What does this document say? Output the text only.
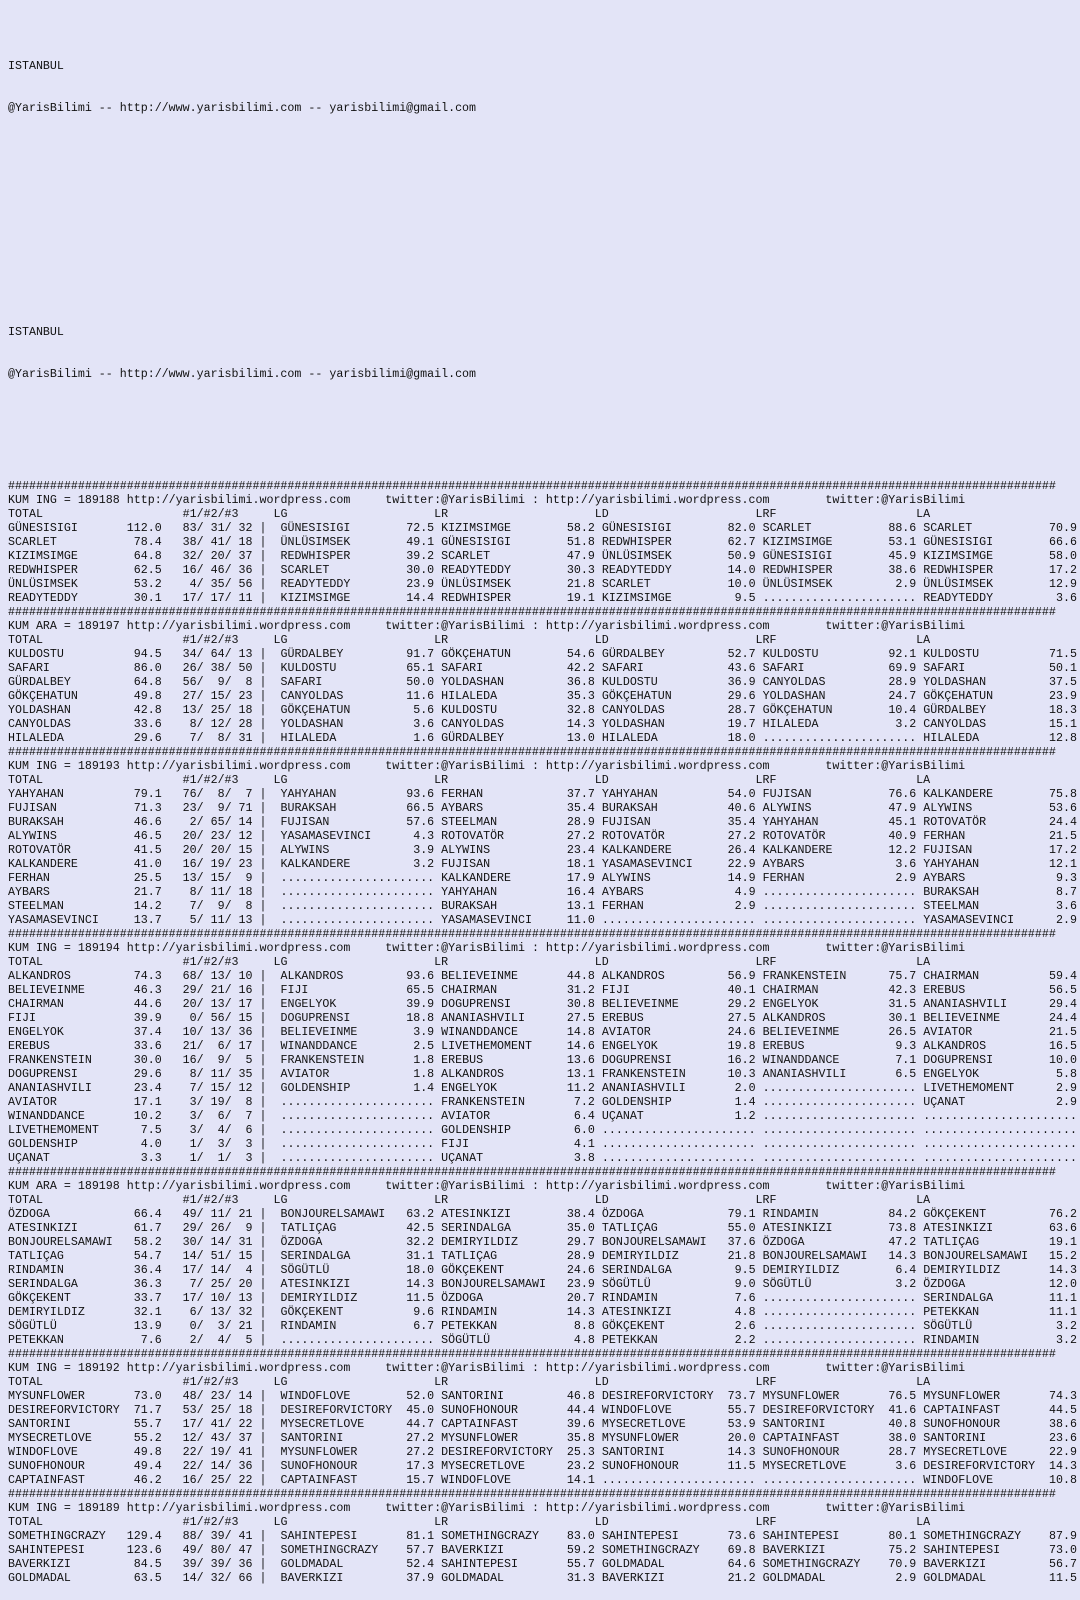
ISTANBUL

@YarisBilimi -- http://www.yarisbilimi.com -- yarisbilimi@gmail.com

ISTANBUL

@YarisBilimi -- http://www.yarisbilimi.com -- yarisbilimi@gmail.com

######################################################################################################################################################
KUM ING = 189188 http://yarisbilimi.wordpress.com	twitter:@YarisBilimi : http://yarisbilimi.wordpress.com	twitter:@YarisBilimi
TOTAL                    #1/#2/#3     LG                     LR                     LD                     LRF                    LA
GÜNESISIGI       112.0   83/ 31/ 32 |  GÜNESISIGI        72.5 KIZIMSIMGE        58.2 GÜNESISIGI        82.0 SCARLET           88.6 SCARLET           70.9
SCARLET           78.4   38/ 41/ 18 |  ÜNLÜSIMSEK        49.1 GÜNESISIGI        51.8 REDWHISPER        62.7 KIZIMSIMGE        53.1 GÜNESISIGI        66.6
KIZIMSIMGE        64.8   32/ 20/ 37 |  REDWHISPER        39.2 SCARLET           47.9 ÜNLÜSIMSEK        50.9 GÜNESISIGI        45.9 KIZIMSIMGE        58.0
REDWHISPER        62.5   16/ 46/ 36 |  SCARLET           30.0 READYTEDDY        30.3 READYTEDDY        14.0 REDWHISPER        38.6 REDWHISPER        17.2
ÜNLÜSIMSEK        53.2    4/ 35/ 56 |  READYTEDDY        23.9 ÜNLÜSIMSEK        21.8 SCARLET           10.0 ÜNLÜSIMSEK         2.9 ÜNLÜSIMSEK        12.9
READYTEDDY        30.1   17/ 17/ 11 |  KIZIMSIMGE        14.4 REDWHISPER        19.1 KIZIMSIMGE         9.5 ...................... READYTEDDY         3.6
######################################################################################################################################################
KUM ARA = 189197 http://yarisbilimi.wordpress.com	twitter:@YarisBilimi : http://yarisbilimi.wordpress.com	twitter:@YarisBilimi
TOTAL                    #1/#2/#3     LG                     LR                     LD                     LRF                    LA
KULDOSTU          94.5   34/ 64/ 13 |  GÜRDALBEY         91.7 GÖKÇEHATUN        54.6 GÜRDALBEY         52.7 KULDOSTU          92.1 KULDOSTU          71.5
SAFARI            86.0   26/ 38/ 50 |  KULDOSTU          65.1 SAFARI            42.2 SAFARI            43.6 SAFARI            69.9 SAFARI            50.1
GÜRDALBEY         64.8   56/  9/  8 |  SAFARI            50.0 YOLDASHAN         36.8 KULDOSTU          36.9 CANYOLDAS         28.9 YOLDASHAN         37.5
GÖKÇEHATUN        49.8   27/ 15/ 23 |  CANYOLDAS         11.6 HILALEDA          35.3 GÖKÇEHATUN        29.6 YOLDASHAN         24.7 GÖKÇEHATUN        23.9
YOLDASHAN         42.8   13/ 25/ 18 |  GÖKÇEHATUN         5.6 KULDOSTU          32.8 CANYOLDAS         28.7 GÖKÇEHATUN        10.4 GÜRDALBEY         18.3
CANYOLDAS         33.6    8/ 12/ 28 |  YOLDASHAN          3.6 CANYOLDAS         14.3 YOLDASHAN         19.7 HILALEDA           3.2 CANYOLDAS         15.1
HILALEDA          29.6    7/  8/ 31 |  HILALEDA           1.6 GÜRDALBEY         13.0 HILALEDA          18.0 ...................... HILALEDA          12.8
######################################################################################################################################################
KUM ING = 189193 http://yarisbilimi.wordpress.com	twitter:@YarisBilimi : http://yarisbilimi.wordpress.com	twitter:@YarisBilimi
TOTAL                    #1/#2/#3     LG                     LR                     LD                     LRF                    LA
YAHYAHAN          79.1   76/  8/  7 |  YAHYAHAN          93.6 FERHAN            37.7 YAHYAHAN          54.0 FUJISAN           76.6 KALKANDERE        75.8
FUJISAN           71.3   23/  9/ 71 |  BURAKSAH          66.5 AYBARS            35.4 BURAKSAH          40.6 ALYWINS           47.9 ALYWINS           53.6
BURAKSAH          46.6    2/ 65/ 14 |  FUJISAN           57.6 STEELMAN          28.9 FUJISAN           35.4 YAHYAHAN          45.1 ROTOVATÖR         24.4
ALYWINS           46.5   20/ 23/ 12 |  YASAMASEVINCI      4.3 ROTOVATÖR         27.2 ROTOVATÖR         27.2 ROTOVATÖR         40.9 FERHAN            21.5
ROTOVATÖR         41.5   20/ 20/ 15 |  ALYWINS            3.9 ALYWINS           23.4 KALKANDERE        26.4 KALKANDERE        12.2 FUJISAN           17.2
KALKANDERE        41.0   16/ 19/ 23 |  KALKANDERE         3.2 FUJISAN           18.1 YASAMASEVINCI     22.9 AYBARS             3.6 YAHYAHAN          12.1
FERHAN            25.5   13/ 15/  9 |  ...................... KALKANDERE        17.9 ALYWINS           14.9 FERHAN             2.9 AYBARS             9.3
AYBARS            21.7    8/ 11/ 18 |  ...................... YAHYAHAN          16.4 AYBARS             4.9 ...................... BURAKSAH           8.7
STEELMAN          14.2    7/  9/  8 |  ...................... BURAKSAH          13.1 FERHAN             2.9 ...................... STEELMAN           3.6
YASAMASEVINCI     13.7    5/ 11/ 13 |  ...................... YASAMASEVINCI     11.0 ...................... ...................... YASAMASEVINCI      2.9
######################################################################################################################################################
KUM ING = 189194 http://yarisbilimi.wordpress.com	twitter:@YarisBilimi : http://yarisbilimi.wordpress.com	twitter:@YarisBilimi
TOTAL                    #1/#2/#3     LG                     LR                     LD                     LRF                    LA
ALKANDROS         74.3   68/ 13/ 10 |  ALKANDROS         93.6 BELIEVEINME       44.8 ALKANDROS         56.9 FRANKENSTEIN      75.7 CHAIRMAN          59.4
BELIEVEINME       46.3   29/ 21/ 16 |  FIJI              65.5 CHAIRMAN          31.2 FIJI              40.1 CHAIRMAN          42.3 EREBUS            56.5
CHAIRMAN          44.6   20/ 13/ 17 |  ENGELYOK          39.9 DOGUPRENSI        30.8 BELIEVEINME       29.2 ENGELYOK          31.5 ANANIASHVILI      29.4
FIJI              39.9    0/ 56/ 15 |  DOGUPRENSI        18.8 ANANIASHVILI      27.5 EREBUS            27.5 ALKANDROS         30.1 BELIEVEINME       24.4
ENGELYOK          37.4   10/ 13/ 36 |  BELIEVEINME        3.9 WINANDDANCE       14.8 AVIATOR           24.6 BELIEVEINME       26.5 AVIATOR           21.5
EREBUS            33.6   21/  6/ 17 |  WINANDDANCE        2.5 LIVETHEMOMENT     14.6 ENGELYOK          19.8 EREBUS             9.3 ALKANDROS         16.5
FRANKENSTEIN      30.0   16/  9/  5 |  FRANKENSTEIN       1.8 EREBUS            13.6 DOGUPRENSI        16.2 WINANDDANCE        7.1 DOGUPRENSI        10.0
DOGUPRENSI        29.6    8/ 11/ 35 |  AVIATOR            1.8 ALKANDROS         13.1 FRANKENSTEIN      10.3 ANANIASHVILI       6.5 ENGELYOK           5.8
ANANIASHVILI      23.4    7/ 15/ 12 |  GOLDENSHIP         1.4 ENGELYOK          11.2 ANANIASHVILI       2.0 ...................... LIVETHEMOMENT      2.9
AVIATOR           17.1    3/ 19/  8 |  ...................... FRANKENSTEIN       7.2 GOLDENSHIP         1.4 ...................... UÇANAT             2.9
WINANDDANCE       10.2    3/  6/  7 |  ...................... AVIATOR            6.4 UÇANAT             1.2 ...................... ......................
LIVETHEMOMENT      7.5    3/  4/  6 |  ...................... GOLDENSHIP         6.0 ...................... ...................... ......................
GOLDENSHIP         4.0    1/  3/  3 |  ...................... FIJI               4.1 ...................... ...................... ......................
UÇANAT             3.3    1/  1/  3 |  ...................... UÇANAT             3.8 ...................... ...................... ......................
######################################################################################################################################################
KUM ARA = 189198 http://yarisbilimi.wordpress.com	twitter:@YarisBilimi : http://yarisbilimi.wordpress.com	twitter:@YarisBilimi
TOTAL                    #1/#2/#3     LG                     LR                     LD                     LRF                    LA
ÖZDOGA            66.4   49/ 11/ 21 |  BONJOURELSAMAWI   63.2 ATESINKIZI        38.4 ÖZDOGA            79.1 RINDAMIN          84.2 GÖKÇEKENT         76.2
ATESINKIZI        61.7   29/ 26/  9 |  TATLIÇAG          42.5 SERINDALGA        35.0 TATLIÇAG          55.0 ATESINKIZI        73.8 ATESINKIZI        63.6
BONJOURELSAMAWI   58.2   30/ 14/ 31 |  ÖZDOGA            32.2 DEMIRYILDIZ       29.7 BONJOURELSAMAWI   37.6 ÖZDOGA            47.2 TATLIÇAG          19.1
TATLIÇAG          54.7   14/ 51/ 15 |  SERINDALGA        31.1 TATLIÇAG          28.9 DEMIRYILDIZ       21.8 BONJOURELSAMAWI   14.3 BONJOURELSAMAWI   15.2
RINDAMIN          36.4   17/ 14/  4 |  SÖGÜTLÜ           18.0 GÖKÇEKENT         24.6 SERINDALGA         9.5 DEMIRYILDIZ        6.4 DEMIRYILDIZ       14.3
SERINDALGA        36.3    7/ 25/ 20 |  ATESINKIZI        14.3 BONJOURELSAMAWI   23.9 SÖGÜTLÜ            9.0 SÖGÜTLÜ            3.2 ÖZDOGA            12.0
GÖKÇEKENT         33.7   17/ 10/ 13 |  DEMIRYILDIZ       11.5 ÖZDOGA            20.7 RINDAMIN           7.6 ...................... SERINDALGA        11.1
DEMIRYILDIZ       32.1    6/ 13/ 32 |  GÖKÇEKENT          9.6 RINDAMIN          14.3 ATESINKIZI         4.8 ...................... PETEKKAN          11.1
SÖGÜTLÜ           13.9    0/  3/ 21 |  RINDAMIN           6.7 PETEKKAN           8.8 GÖKÇEKENT          2.6 ...................... SÖGÜTLÜ            3.2
PETEKKAN           7.6    2/  4/  5 |  ...................... SÖGÜTLÜ            4.8 PETEKKAN           2.2 ...................... RINDAMIN           3.2
######################################################################################################################################################
KUM ING = 189192 http://yarisbilimi.wordpress.com	twitter:@YarisBilimi : http://yarisbilimi.wordpress.com	twitter:@YarisBilimi
TOTAL                    #1/#2/#3     LG                     LR                     LD                     LRF                    LA
MYSUNFLOWER       73.0   48/ 23/ 14 |  WINDOFLOVE        52.0 SANTORINI         46.8 DESIREFORVICTORY  73.7 MYSUNFLOWER       76.5 MYSUNFLOWER       74.3
DESIREFORVICTORY  71.7   53/ 25/ 18 |  DESIREFORVICTORY  45.0 SUNOFHONOUR       44.4 WINDOFLOVE        55.7 DESIREFORVICTORY  41.6 CAPTAINFAST       44.5
SANTORINI         55.7   17/ 41/ 22 |  MYSECRETLOVE      44.7 CAPTAINFAST       39.6 MYSECRETLOVE      53.9 SANTORINI         40.8 SUNOFHONOUR       38.6
MYSECRETLOVE      55.2   12/ 43/ 37 |  SANTORINI         27.2 MYSUNFLOWER       35.8 MYSUNFLOWER       20.0 CAPTAINFAST       38.0 SANTORINI         23.6
WINDOFLOVE        49.8   22/ 19/ 41 |  MYSUNFLOWER       27.2 DESIREFORVICTORY  25.3 SANTORINI         14.3 SUNOFHONOUR       28.7 MYSECRETLOVE      22.9
SUNOFHONOUR       49.4   22/ 14/ 36 |  SUNOFHONOUR       17.3 MYSECRETLOVE      23.2 SUNOFHONOUR       11.5 MYSECRETLOVE       3.6 DESIREFORVICTORY  14.3
CAPTAINFAST       46.2   16/ 25/ 22 |  CAPTAINFAST       15.7 WINDOFLOVE        14.1 ...................... ...................... WINDOFLOVE        10.8
######################################################################################################################################################
KUM ING = 189189 http://yarisbilimi.wordpress.com	twitter:@YarisBilimi : http://yarisbilimi.wordpress.com	twitter:@YarisBilimi
TOTAL                    #1/#2/#3     LG                     LR                     LD                     LRF                    LA
SOMETHINGCRAZY   129.4   88/ 39/ 41 |  SAHINTEPESI       81.1 SOMETHINGCRAZY    83.0 SAHINTEPESI       73.6 SAHINTEPESI       80.1 SOMETHINGCRAZY    87.9
SAHINTEPESI      123.6   49/ 80/ 47 |  SOMETHINGCRAZY    57.7 BAVERKIZI         59.2 SOMETHINGCRAZY    69.8 BAVERKIZI         75.2 SAHINTEPESI       73.0
BAVERKIZI         84.5   39/ 39/ 36 |  GOLDMADAL         52.4 SAHINTEPESI       55.7 GOLDMADAL         64.6 SOMETHINGCRAZY    70.9 BAVERKIZI         56.7
GOLDMADAL         63.5   14/ 32/ 66 |  BAVERKIZI         37.9 GOLDMADAL         31.3 BAVERKIZI         21.2 GOLDMADAL          2.9 GOLDMADAL         11.5
